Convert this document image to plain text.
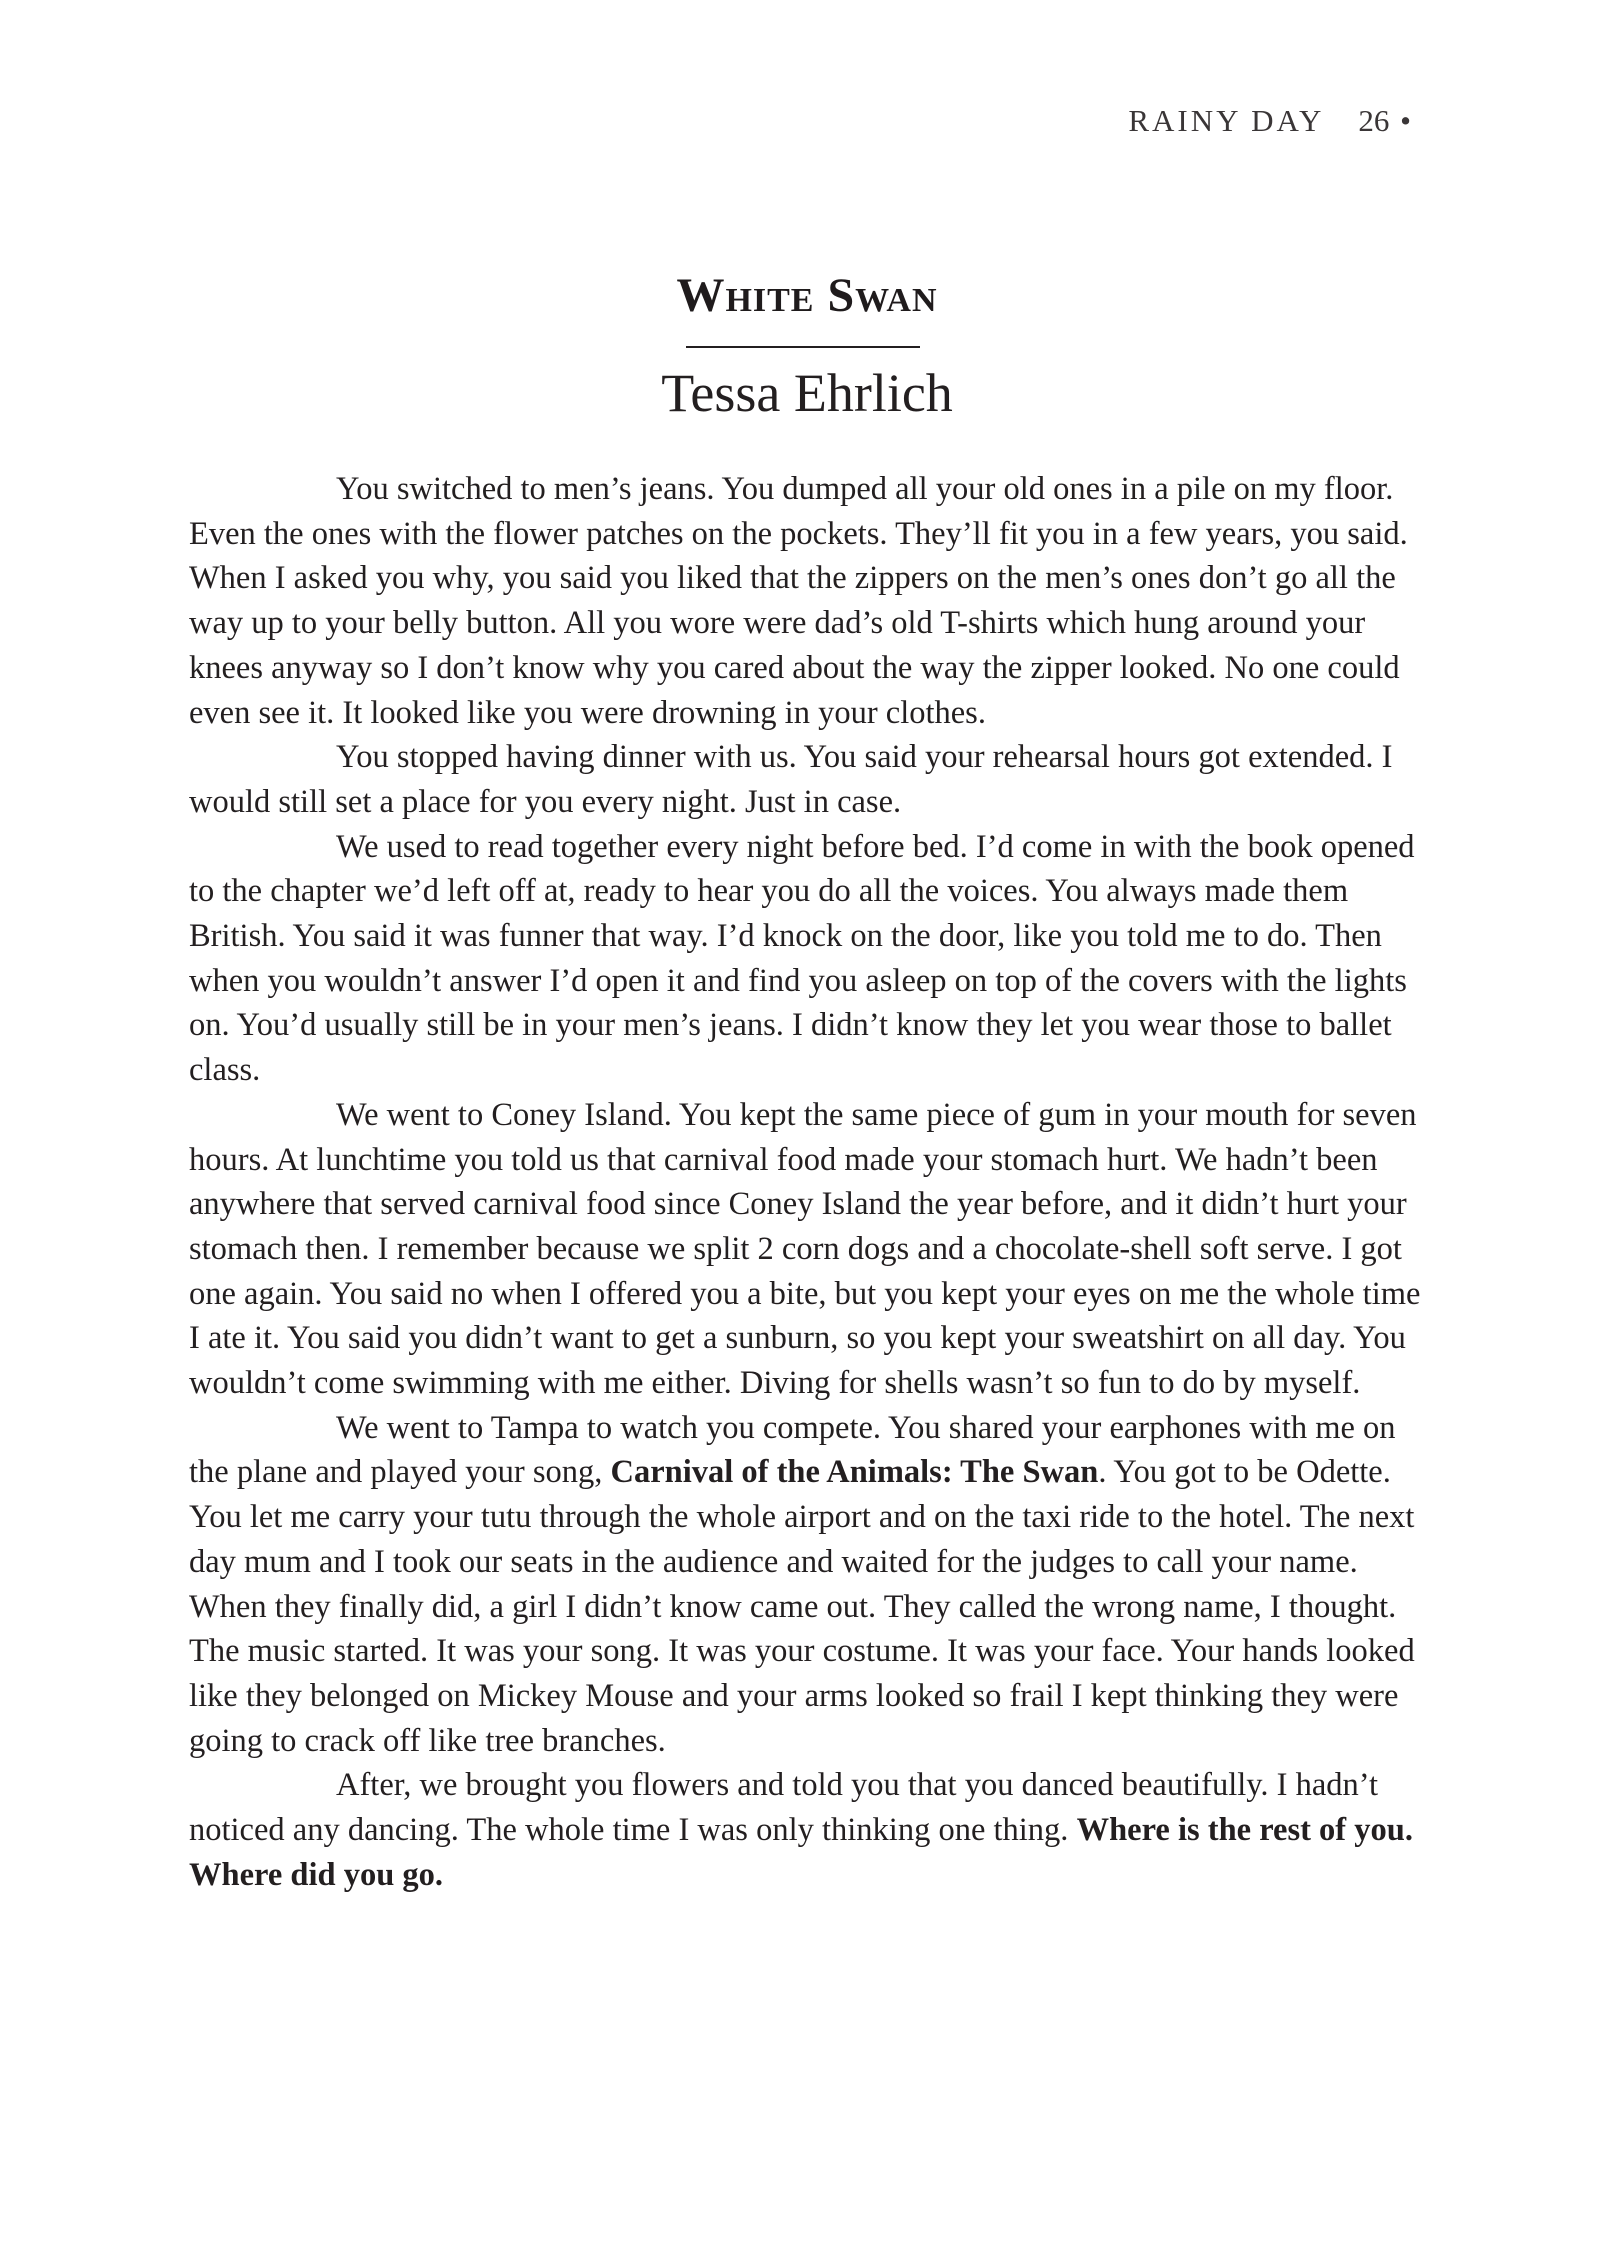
RAINY DAY 26 •
White Swan
Tessa Ehrlich

You switched to men’s jeans. You dumped all your old ones in a pile on my floor. Even the ones with the flower patches on the pockets. They’ll fit you in a few years, you said. When I asked you why, you said you liked that the zippers on the men’s ones don’t go all the way up to your belly button. All you wore were dad’s old T-shirts which hung around your knees anyway so I don’t know why you cared about the way the zipper looked. No one could even see it. It looked like you were drowning in your clothes.

You stopped having dinner with us. You said your rehearsal hours got extended. I would still set a place for you every night. Just in case.

We used to read together every night before bed. I’d come in with the book opened to the chapter we’d left off at, ready to hear you do all the voices. You always made them British. You said it was funner that way. I’d knock on the door, like you told me to do. Then when you wouldn’t answer I’d open it and find you asleep on top of the covers with the lights on. You’d usually still be in your men’s jeans. I didn’t know they let you wear those to ballet class.

We went to Coney Island. You kept the same piece of gum in your mouth for seven hours. At lunchtime you told us that carnival food made your stomach hurt. We hadn’t been anywhere that served carnival food since Coney Island the year before, and it didn’t hurt your stomach then. I remember because we split 2 corn dogs and a chocolate-shell soft serve. I got one again. You said no when I offered you a bite, but you kept your eyes on me the whole time I ate it. You said you didn’t want to get a sunburn, so you kept your sweatshirt on all day. You wouldn’t come swimming with me either. Diving for shells wasn’t so fun to do by myself.

We went to Tampa to watch you compete. You shared your earphones with me on the plane and played your song, Carnival of the Animals: The Swan. You got to be Odette. You let me carry your tutu through the whole airport and on the taxi ride to the hotel. The next day mum and I took our seats in the audience and waited for the judges to call your name. When they finally did, a girl I didn’t know came out. They called the wrong name, I thought. The music started. It was your song. It was your costume. It was your face. Your hands looked like they belonged on Mickey Mouse and your arms looked so frail I kept thinking they were going to crack off like tree branches.

After, we brought you flowers and told you that you danced beautifully. I hadn’t noticed any dancing. The whole time I was only thinking one thing. Where is the rest of you. Where did you go.
